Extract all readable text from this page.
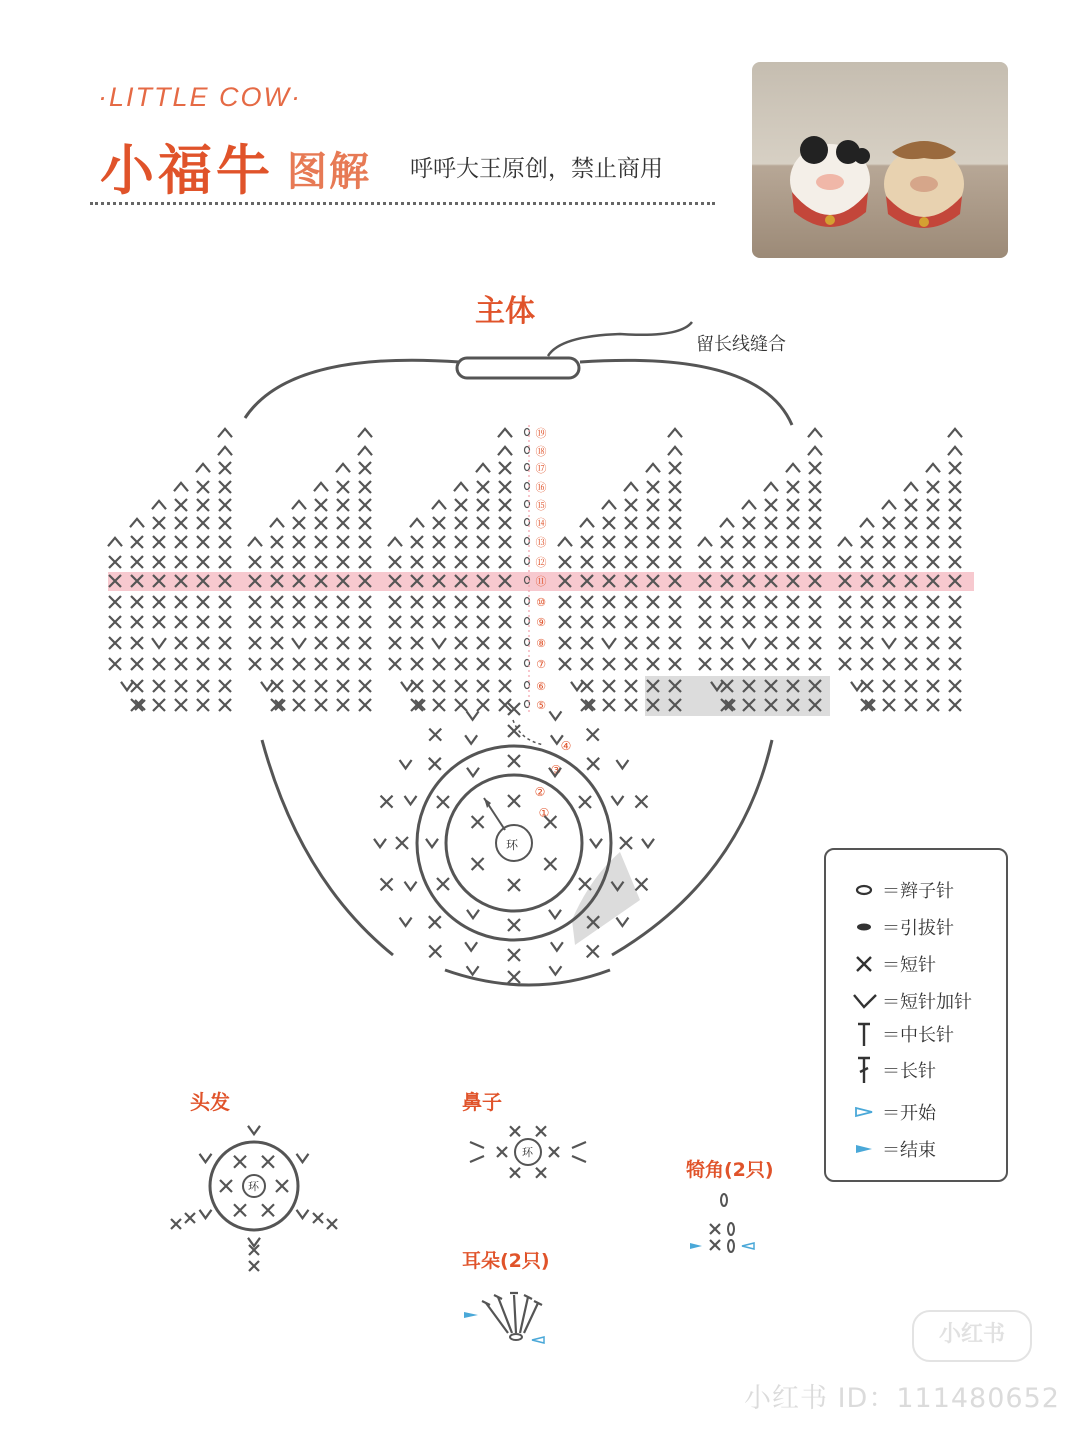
·LITTLE COW·
小福牛 图解 呼呼大王原创，禁止商用
主体
留长线缝合
⑤
⑥
⑦
⑧
⑨
⑩
⑪
⑫
⑬
⑭
⑮
⑯
⑰
⑱
⑲
①
②
③
④
环
头发
环
鼻子
环
犄角(2只)
耳朵(2只)
＝辫子针
＝引拔针
＝短针
＝短针加针
＝中长针
＝长针
＝开始
＝结束
小红书
小红书 ID：111480652
